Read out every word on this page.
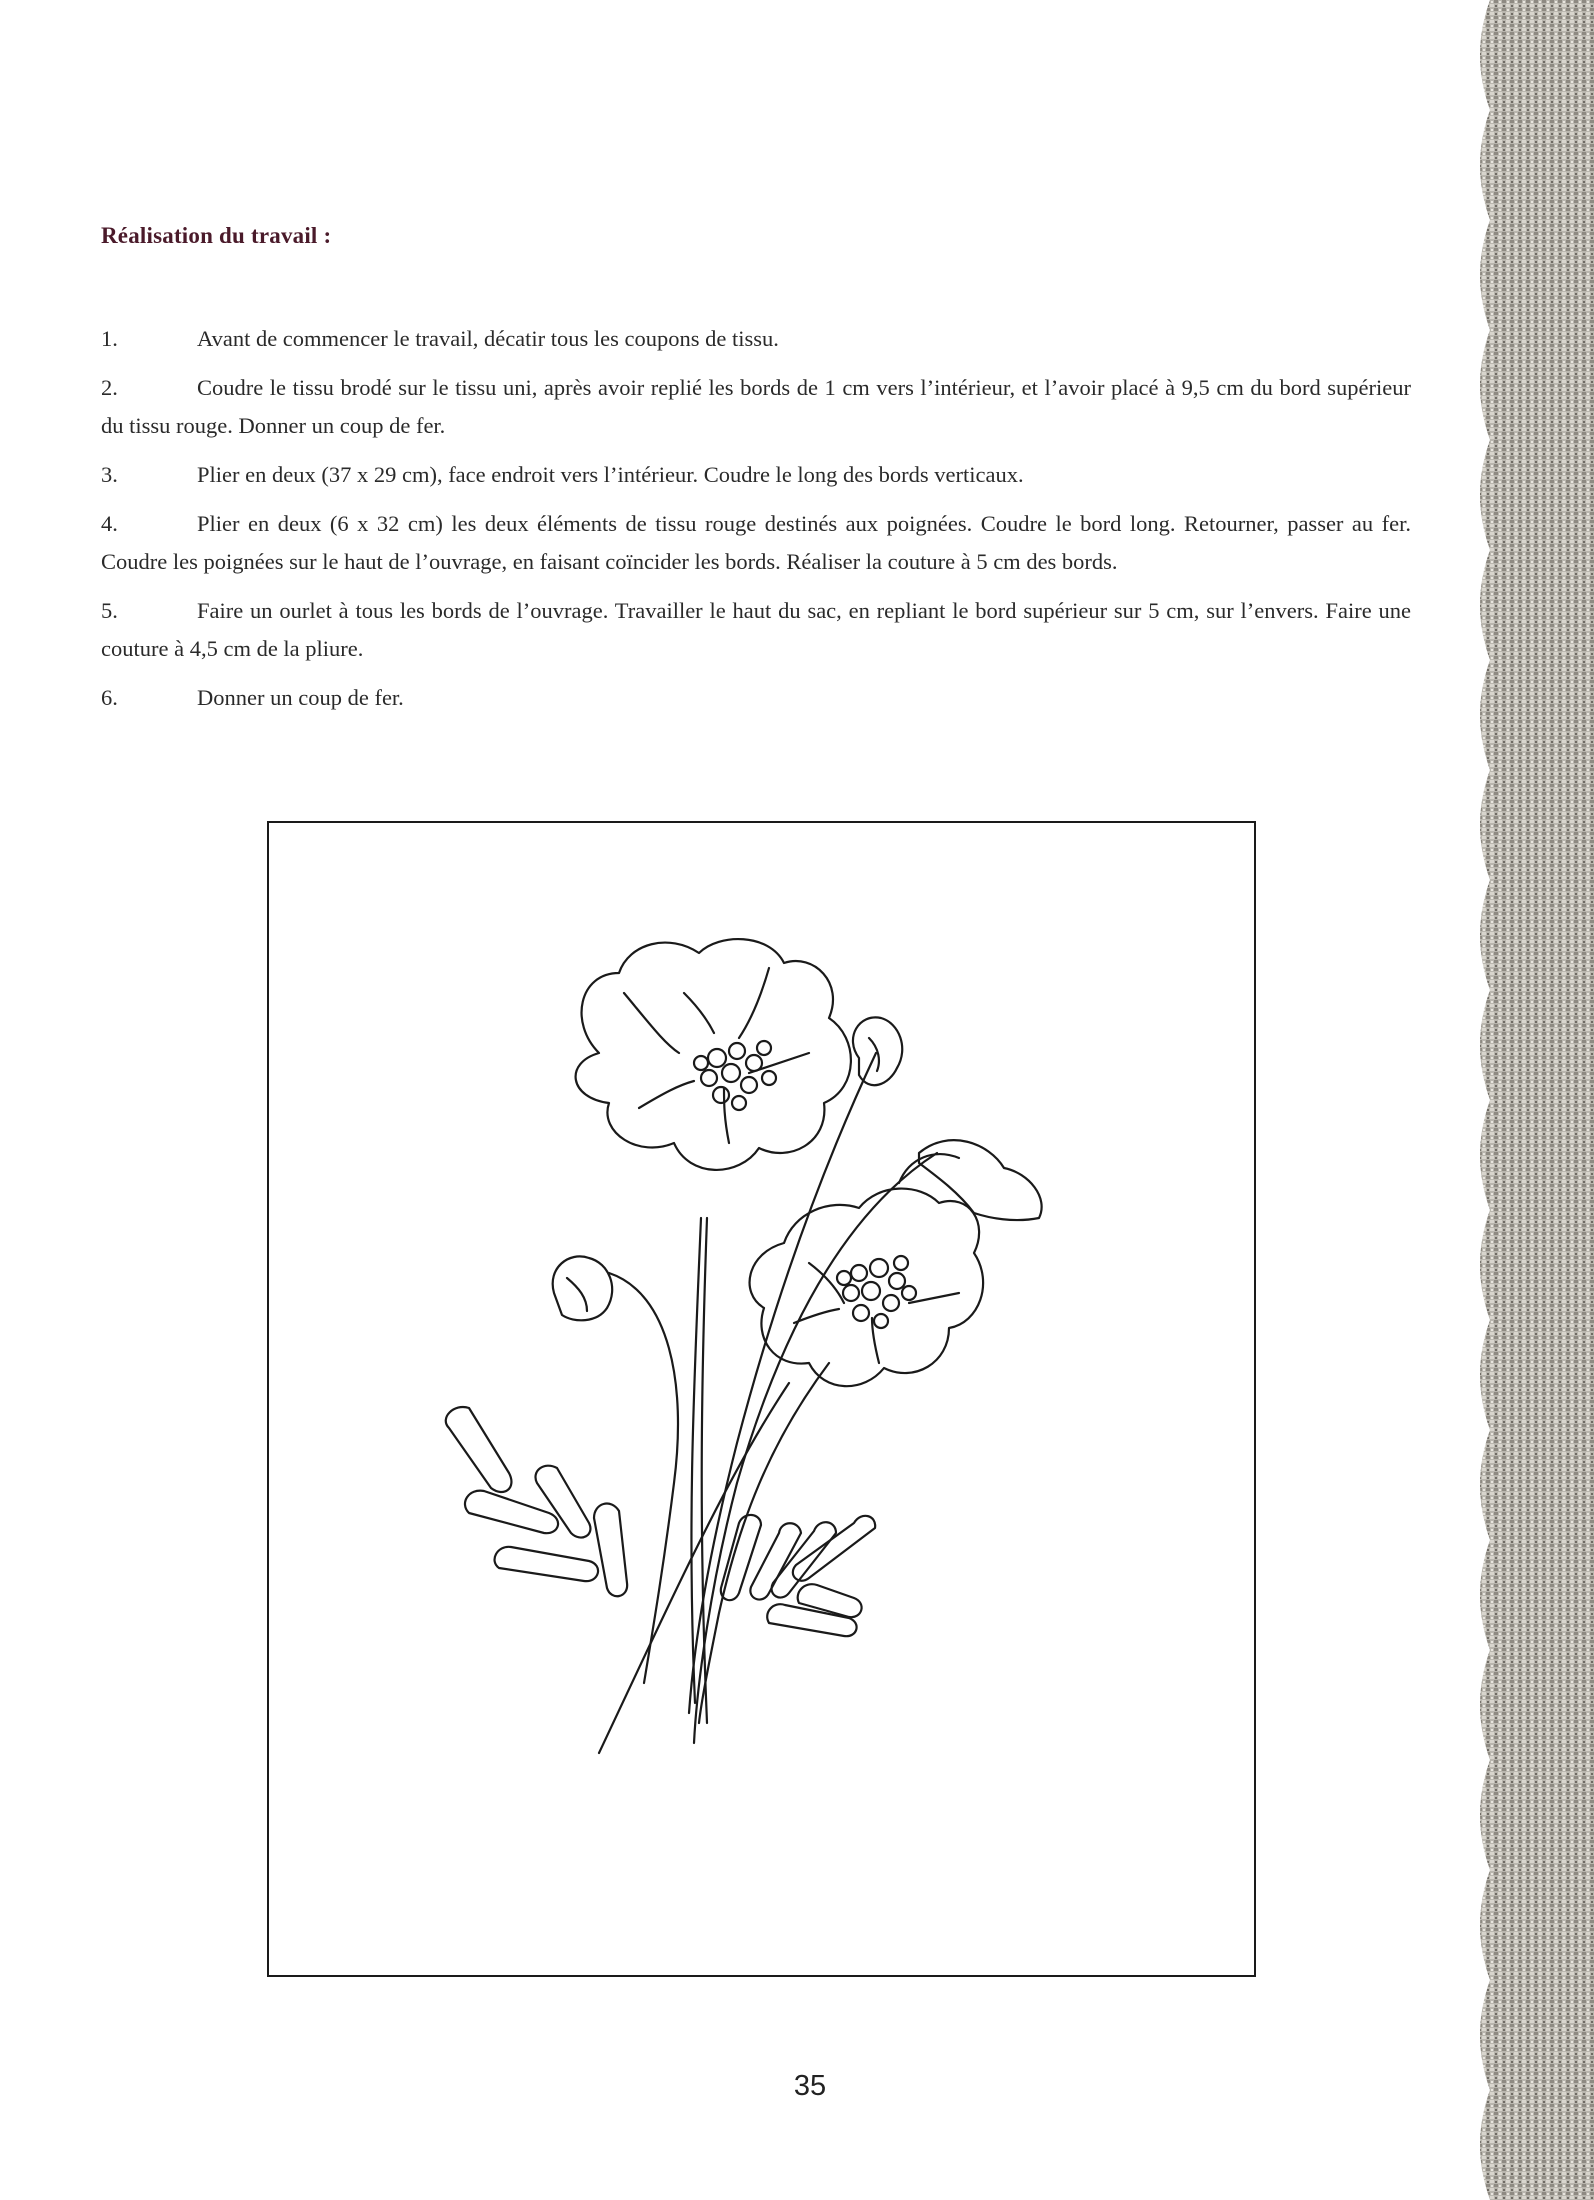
Réalisation du travail :

1.	Avant de commencer le travail, décatir tous les coupons de tissu.

2.	Coudre le tissu brodé sur le tissu uni, après avoir replié les bords de 1 cm vers l’intérieur, et l’avoir placé à 9,5 cm du bord supérieur du tissu rouge. Donner un coup de fer.

3.	Plier en deux (37 x 29 cm), face endroit vers l’intérieur. Coudre le long des bords verticaux.

4.	Plier en deux (6 x 32 cm) les deux éléments de tissu rouge destinés aux poignées. Coudre le bord long. Retourner, passer au fer. Coudre les poignées sur le haut de l’ouvrage, en faisant coïncider les bords. Réaliser la couture à 5 cm des bords.

5.	Faire un ourlet à tous les bords de l’ouvrage. Travailler le haut du sac, en repliant le bord supérieur sur 5 cm, sur l’envers. Faire une couture à 4,5 cm de la pliure.

6.	Donner un coup de fer.

35
